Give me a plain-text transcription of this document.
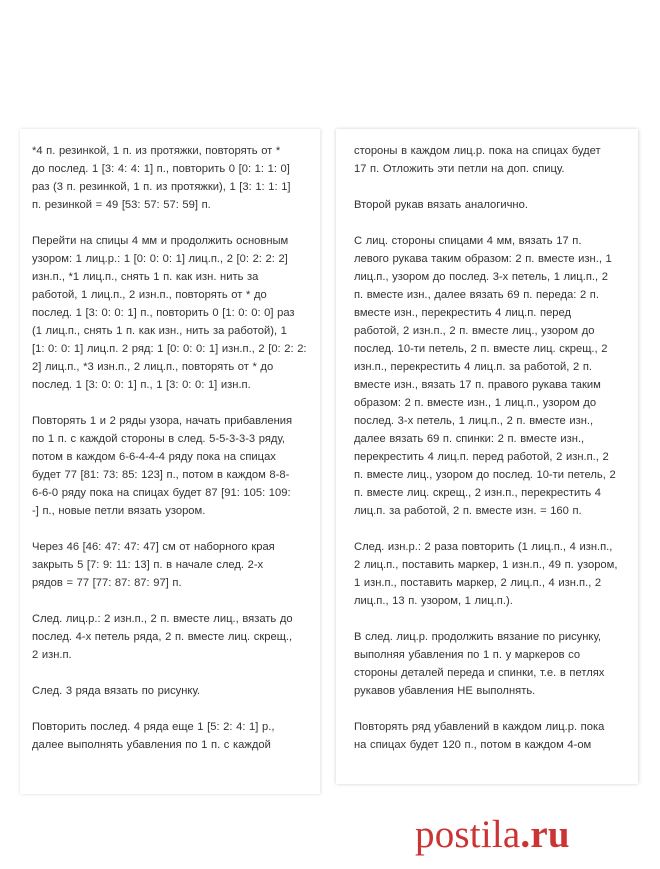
*4 п. резинкой, 1 п. из протяжки, повторять от *
до послед. 1 [3: 4: 4: 1] п., повторить 0 [0: 1: 1: 0]
раз (3 п. резинкой, 1 п. из протяжки), 1 [3: 1: 1: 1]
п. резинкой = 49 [53: 57: 57: 59] п.
Перейти на спицы 4 мм и продолжить основным
узором: 1 лиц.р.: 1 [0: 0: 0: 1] лиц.п., 2 [0: 2: 2: 2]
изн.п., *1 лиц.п., снять 1 п. как изн. нить за
работой, 1 лиц.п., 2 изн.п., повторять от * до
послед. 1 [3: 0: 0: 1] п., повторить 0 [1: 0: 0: 0] раз
(1 лиц.п., снять 1 п. как изн., нить за работой), 1
[1: 0: 0: 1] лиц.п. 2 ряд: 1 [0: 0: 0: 1] изн.п., 2 [0: 2: 2:
2] лиц.п., *3 изн.п., 2 лиц.п., повторять от * до
послед. 1 [3: 0: 0: 1] п., 1 [3: 0: 0: 1] изн.п.
Повторять 1 и 2 ряды узора, начать прибавления
по 1 п. с каждой стороны в след. 5-5-3-3-3 ряду,
потом в каждом 6-6-4-4-4 ряду пока на спицах
будет 77 [81: 73: 85: 123] п., потом в каждом 8-8-
6-6-0 ряду пока на спицах будет 87 [91: 105: 109:
-] п., новые петли вязать узором.
Через 46 [46: 47: 47: 47] см от наборного края
закрыть 5 [7: 9: 11: 13] п. в начале след. 2-х
рядов = 77 [77: 87: 87: 97] п.
След. лиц.р.: 2 изн.п., 2 п. вместе лиц., вязать до
послед. 4-х петель ряда, 2 п. вместе лиц. скрещ.,
2 изн.п.
След. 3 ряда вязать по рисунку.
Повторить послед. 4 ряда еще 1 [5: 2: 4: 1] р.,
далее выполнять убавления по 1 п. с каждой
стороны в каждом лиц.р. пока на спицах будет
17 п. Отложить эти петли на доп. спицу.
Второй рукав вязать аналогично.
С лиц. стороны спицами 4 мм, вязать 17 п.
левого рукава таким образом: 2 п. вместе изн., 1
лиц.п., узором до послед. 3-х петель, 1 лиц.п., 2
п. вместе изн., далее вязать 69 п. переда: 2 п.
вместе изн., перекрестить 4 лиц.п. перед
работой, 2 изн.п., 2 п. вместе лиц., узором до
послед. 10-ти петель, 2 п. вместе лиц. скрещ., 2
изн.п., перекрестить 4 лиц.п. за работой, 2 п.
вместе изн., вязать 17 п. правого рукава таким
образом: 2 п. вместе изн., 1 лиц.п., узором до
послед. 3-х петель, 1 лиц.п., 2 п. вместе изн.,
далее вязать 69 п. спинки: 2 п. вместе изн.,
перекрестить 4 лиц.п. перед работой, 2 изн.п., 2
п. вместе лиц., узором до послед. 10-ти петель, 2
п. вместе лиц. скрещ., 2 изн.п., перекрестить 4
лиц.п. за работой, 2 п. вместе изн. = 160 п.
След. изн.р.: 2 раза повторить (1 лиц.п., 4 изн.п.,
2 лиц.п., поставить маркер, 1 изн.п., 49 п. узором,
1 изн.п., поставить маркер, 2 лиц.п., 4 изн.п., 2
лиц.п., 13 п. узором, 1 лиц.п.).
В след. лиц.р. продолжить вязание по рисунку,
выполняя убавления по 1 п. у маркеров со
стороны деталей переда и спинки, т.е. в петлях
рукавов убавления НЕ выполнять.
Повторять ряд убавлений в каждом лиц.р. пока
на спицах будет 120 п., потом в каждом 4-ом
postila.ru
